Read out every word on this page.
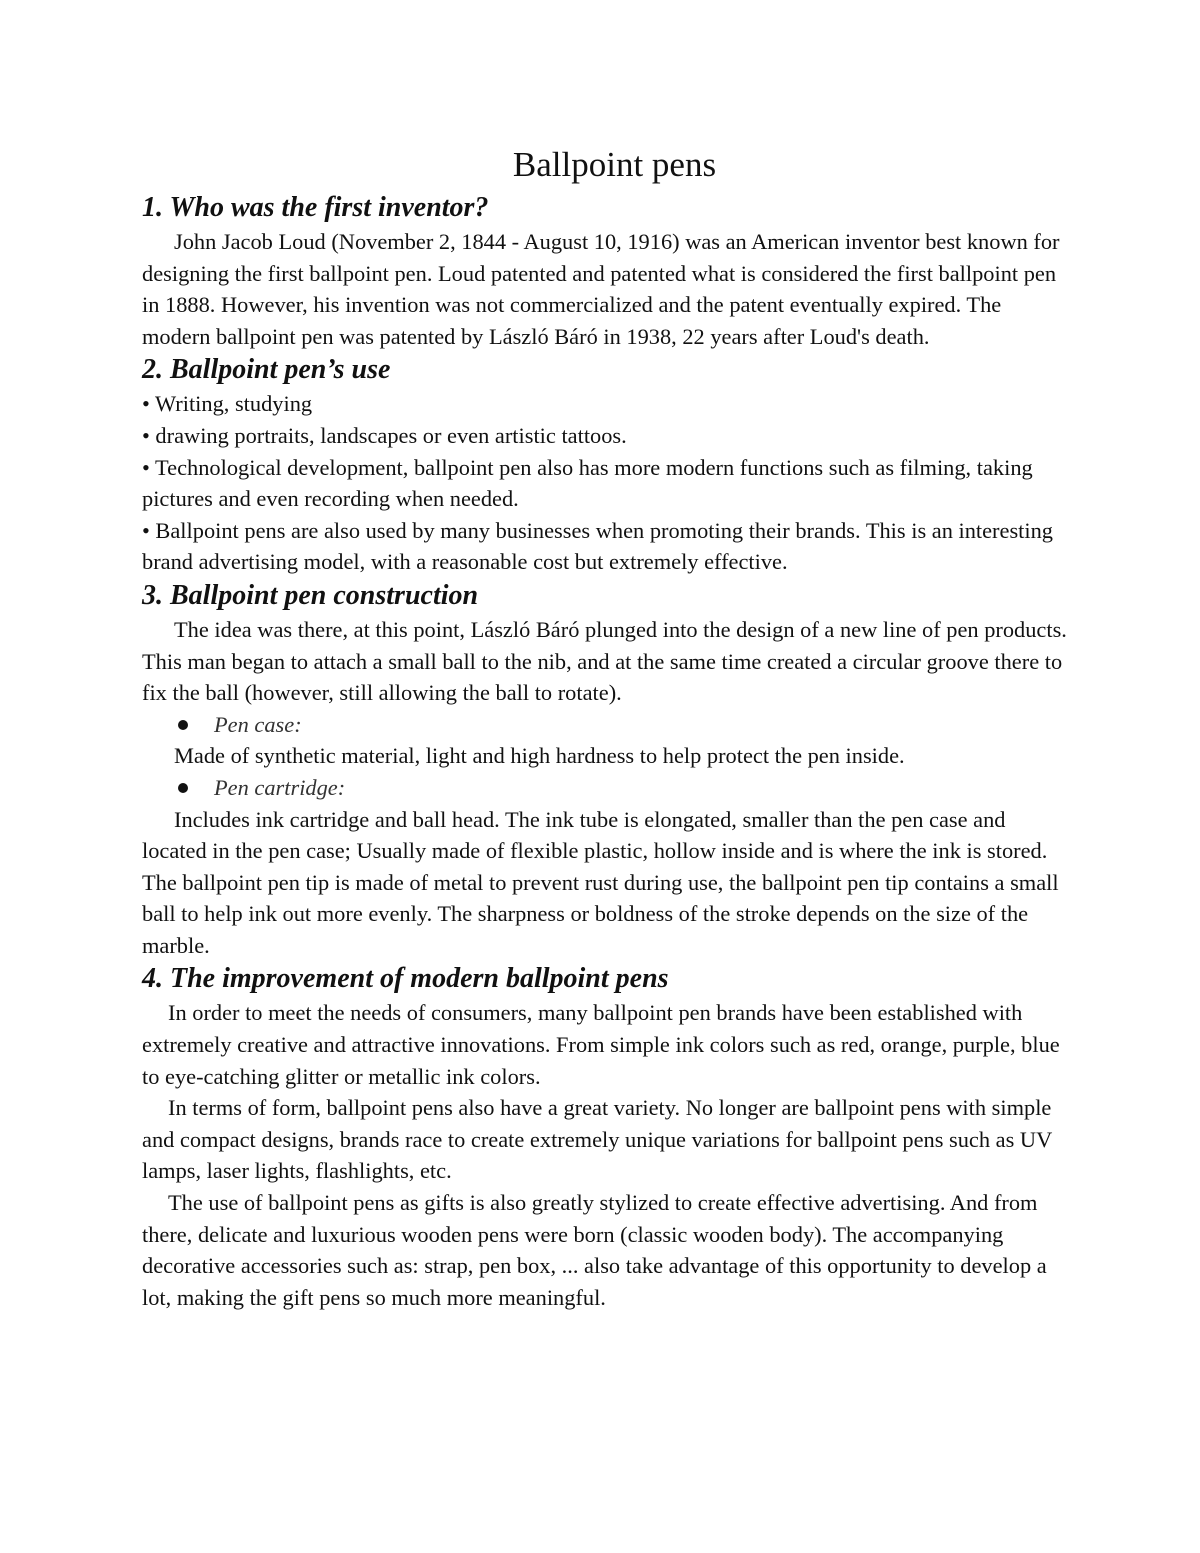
Ballpoint pens
1. Who was the first inventor?

John Jacob Loud (November 2, 1844 - August 10, 1916) was an American inventor best known for designing the first ballpoint pen. Loud patented and patented what is considered the first ballpoint pen in 1888. However, his invention was not commercialized and the patent eventually expired. The modern ballpoint pen was patented by László Báró in 1938, 22 years after Loud's death.

2. Ballpoint pen’s use

• Writing, studying

• drawing portraits, landscapes or even artistic tattoos.

• Technological development, ballpoint pen also has more modern functions such as filming, taking pictures and even recording when needed.

• Ballpoint pens are also used by many businesses when promoting their brands. This is an interesting brand advertising model, with a reasonable cost but extremely effective.

3. Ballpoint pen construction

The idea was there, at this point, László Báró plunged into the design of a new line of pen products. This man began to attach a small ball to the nib, and at the same time created a circular groove there to fix the ball (however, still allowing the ball to rotate).

Pen case:

Made of synthetic material, light and high hardness to help protect the pen inside.

Pen cartridge:

Includes ink cartridge and ball head. The ink tube is elongated, smaller than the pen case and located in the pen case; Usually made of flexible plastic, hollow inside and is where the ink is stored. The ballpoint pen tip is made of metal to prevent rust during use, the ballpoint pen tip contains a small ball to help ink out more evenly. The sharpness or boldness of the stroke depends on the size of the marble.

4. The improvement of modern ballpoint pens

In order to meet the needs of consumers, many ballpoint pen brands have been established with extremely creative and attractive innovations. From simple ink colors such as red, orange, purple, blue to eye-catching glitter or metallic ink colors.

In terms of form, ballpoint pens also have a great variety. No longer are ballpoint pens with simple and compact designs, brands race to create extremely unique variations for ballpoint pens such as UV lamps, laser lights, flashlights, etc.

The use of ballpoint pens as gifts is also greatly stylized to create effective advertising. And from there, delicate and luxurious wooden pens were born (classic wooden body). The accompanying decorative accessories such as: strap, pen box, ... also take advantage of this opportunity to develop a lot, making the gift pens so much more meaningful.
